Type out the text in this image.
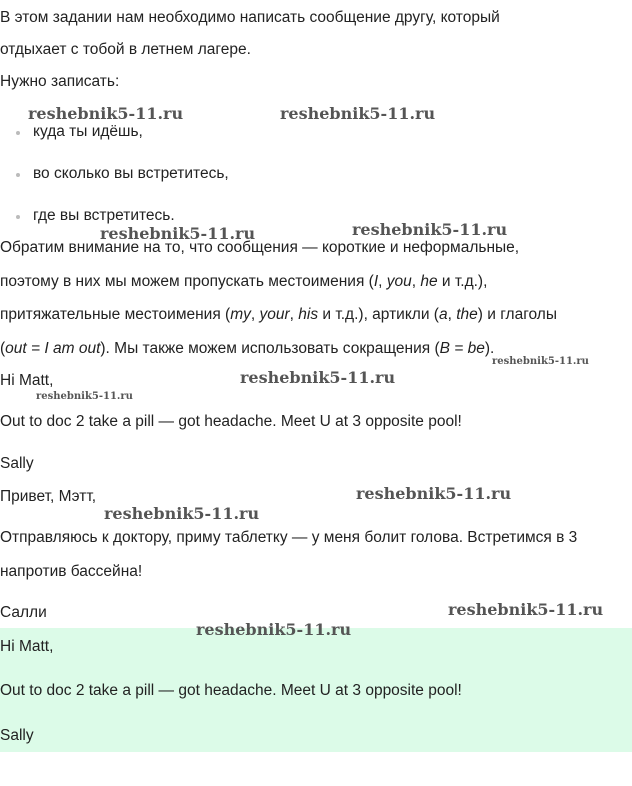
В этом задании нам необходимо написать сообщение другу, который
отдыхает с тобой в летнем лагере.
Нужно записать:
куда ты идёшь,
во сколько вы встретитесь,
где вы встретитесь.
Обратим внимание на то, что сообщения — короткие и неформальные,
поэтому в них мы можем пропускать местоимения (I, you, he и т.д.),
притяжательные местоимения (my, your, his и т.д.), артикли (a, the) и глаголы
(out = I am out). Мы также можем использовать сокращения (B = be).
Hi Matt,
Out to doc 2 take a pill — got headache. Meet U at 3 opposite pool!
Sally
Привет, Мэтт,
Отправляюсь к доктору, приму таблетку — у меня болит голова. Встретимся в 3
напротив бассейна!
Салли
Hi Matt,
Out to doc 2 take a pill — got headache. Meet U at 3 opposite pool!
Sally
reshebnik5-11.ru	reshebnik5-11.ru
reshebnik5-11.ru	reshebnik5-11.ru
reshebnik5-11.ru
reshebnik5-11.ru
reshebnik5-11.ru
reshebnik5-11.ru
reshebnik5-11.ru
reshebnik5-11.ru
reshebnik5-11.ru
